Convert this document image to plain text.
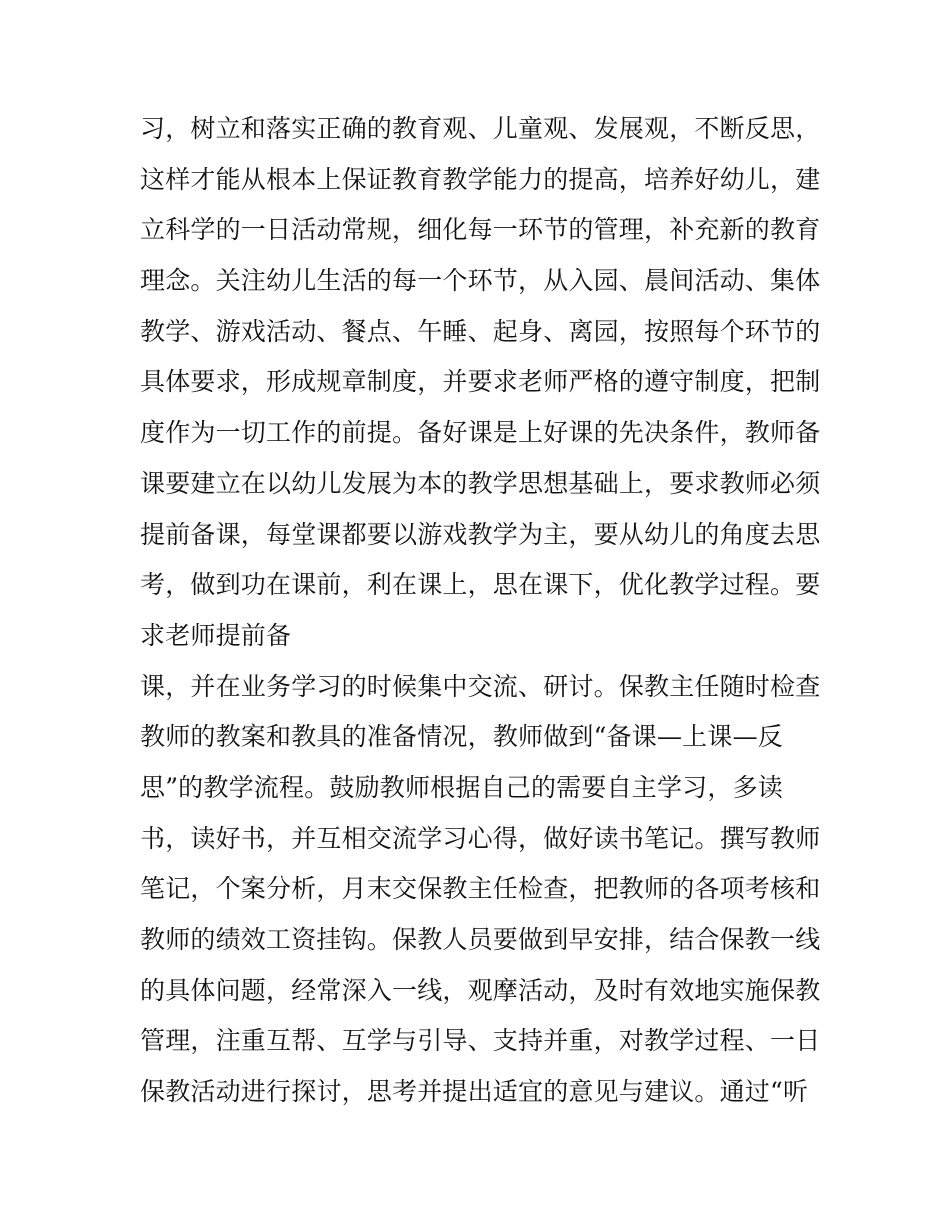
习，树立和落实正确的教育观、儿童观、发展观，不断反思，
这样才能从根本上保证教育教学能力的提高，培养好幼儿，建
立科学的一日活动常规，细化每一环节的管理，补充新的教育
理念。关注幼儿生活的每一个环节，从入园、晨间活动、集体
教学、游戏活动、餐点、午睡、起身、离园，按照每个环节的
具体要求，形成规章制度，并要求老师严格的遵守制度，把制
度作为一切工作的前提。备好课是上好课的先决条件，教师备
课要建立在以幼儿发展为本的教学思想基础上，要求教师必须
提前备课，每堂课都要以游戏教学为主，要从幼儿的角度去思
考，做到功在课前，利在课上，思在课下，优化教学过程。要
求老师提前备
课，并在业务学习的时候集中交流、研讨。保教主任随时检查
教师的教案和教具的准备情况，教师做到“备课—上课—反
思”的教学流程。鼓励教师根据自己的需要自主学习，多读
书，读好书，并互相交流学习心得，做好读书笔记。撰写教师
笔记，个案分析，月末交保教主任检查，把教师的各项考核和
教师的绩效工资挂钩。保教人员要做到早安排，结合保教一线
的具体问题，经常深入一线，观摩活动，及时有效地实施保教
管理，注重互帮、互学与引导、支持并重，对教学过程、一日
保教活动进行探讨，思考并提出适宜的意见与建议。通过“听
